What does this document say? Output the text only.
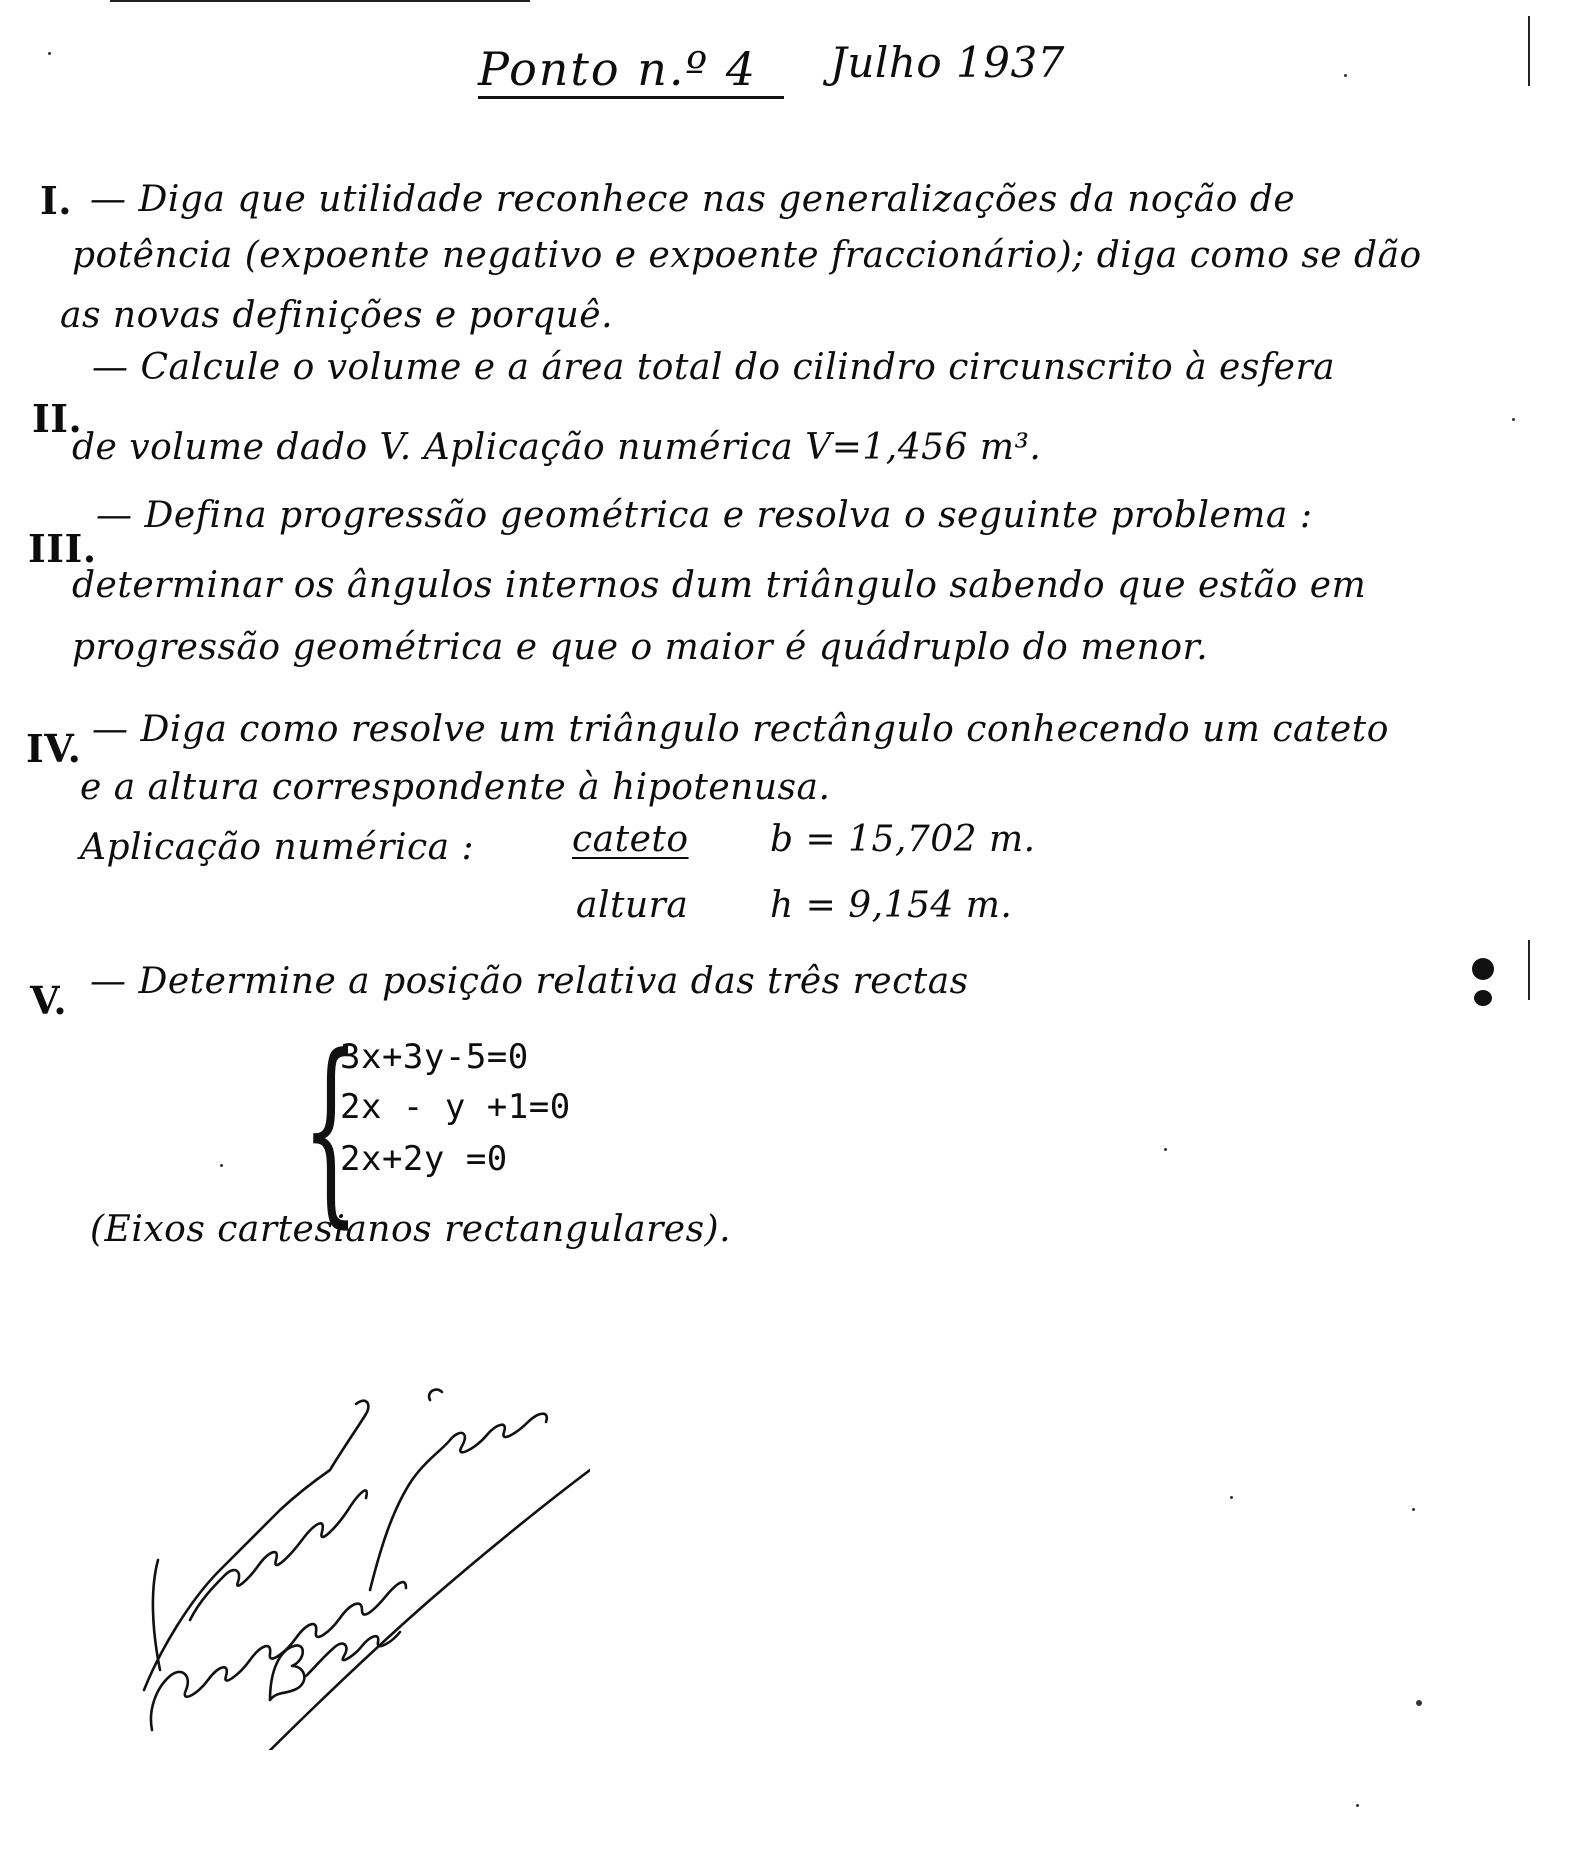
Ponto n.º 4 Julho 1937
I. — Diga que utilidade reconhece nas generalizações da noção de
potência (expoente negativo e expoente fraccionário); diga como se dão
as novas definições e porquê.
II.
— Calcule o volume e a área total do cilindro circunscrito à esfera
de volume dado V. Aplicação numérica V=1,456 m³.
III.
— Defina progressão geométrica e resolva o seguinte problema :
determinar os ângulos internos dum triângulo sabendo que estão em
progressão geométrica e que o maior é quádruplo do menor.
IV. — Diga como resolve um triângulo rectângulo conhecendo um cateto
e a altura correspondente à hipotenusa.
Aplicação numérica :	cateto b = 15,702 m.
altura h = 9,154 m.
V. — Determine a posição relativa das três rectas
{
3x+3y-5=0
2x - y +1=0
2x+2y =0
(Eixos cartesianos rectangulares).
